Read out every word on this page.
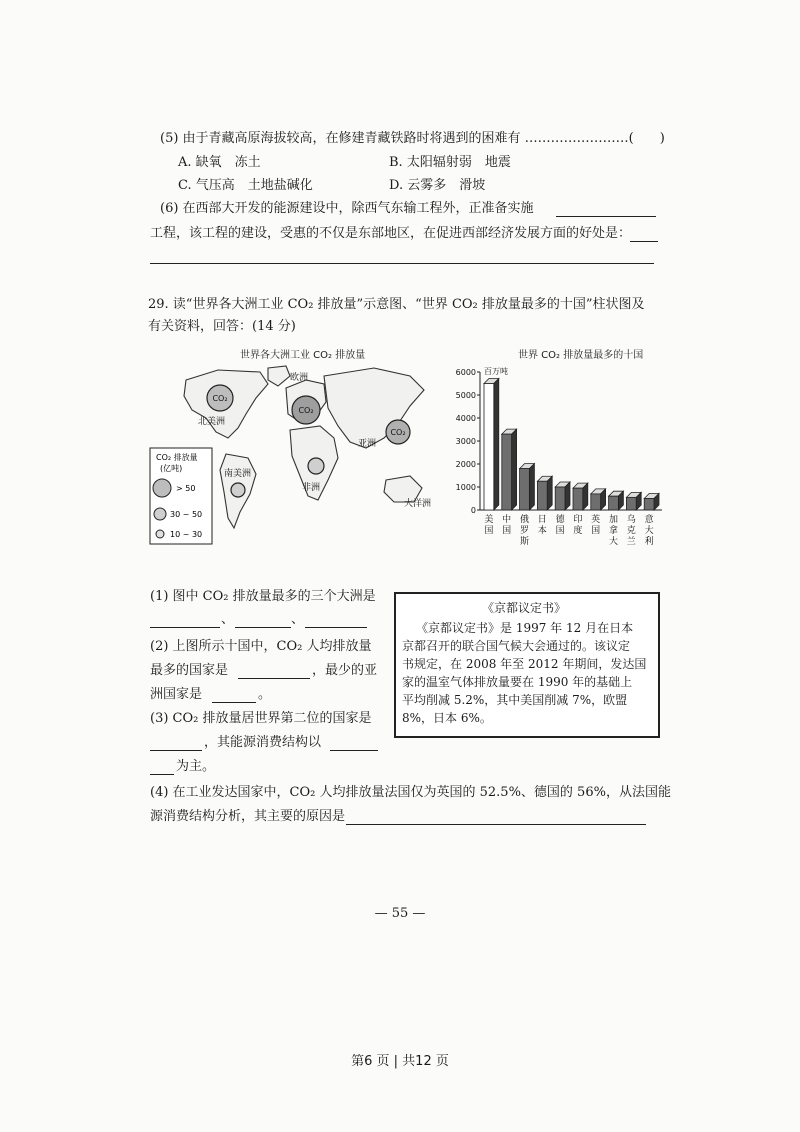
(5) 由于青藏高原海拔较高，在修建青藏铁路时将遇到的困难有 ……………………(　　)
A. 缺氧　冻土	B. 太阳辐射弱　地震
C. 气压高　土地盐碱化	D. 云雾多　滑坡
(6) 在西部大开发的能源建设中，除西气东输工程外，正准备实施
工程，该工程的建设，受惠的不仅是东部地区，在促进西部经济发展方面的好处是：
29. 读“世界各大洲工业 CO₂ 排放量”示意图、“世界 CO₂ 排放量最多的十国”柱状图及
有关资料，回答：(14 分)
世界各大洲工业 CO₂ 排放量
CO₂
CO₂
CO₂
北美洲
欧洲
亚洲
非洲
南美洲
大洋洲
CO₂ 排放量
(亿吨)
> 50
30 ~ 50
10 ~ 30
世界 CO₂ 排放量最多的十国
0
1000
2000
3000
4000
5000
6000 百万吨
美
国
中
国
俄
罗
斯
日
本
德
国
印
度
英
国
加
拿
大
乌
克
兰
意
大
利
(1) 图中 CO₂ 排放量最多的三个大洲是
、	、
(2) 上图所示十国中，CO₂ 人均排放量
最多的国家是	，最少的亚
洲国家是	。
(3) CO₂ 排放量居世界第二位的国家是
，其能源消费结构以
为主。
《京都议定书》
《京都议定书》是 1997 年 12 月在日本
京都召开的联合国气候大会通过的。该议定
书规定，在 2008 年至 2012 年期间，发达国
家的温室气体排放量要在 1990 年的基础上
平均削减 5.2%，其中美国削减 7%，欧盟
8%，日本 6%。
(4) 在工业发达国家中，CO₂ 人均排放量法国仅为英国的 52.5%、德国的 56%，从法国能
源消费结构分析，其主要的原因是
— 55 —
第6 页 | 共12 页
